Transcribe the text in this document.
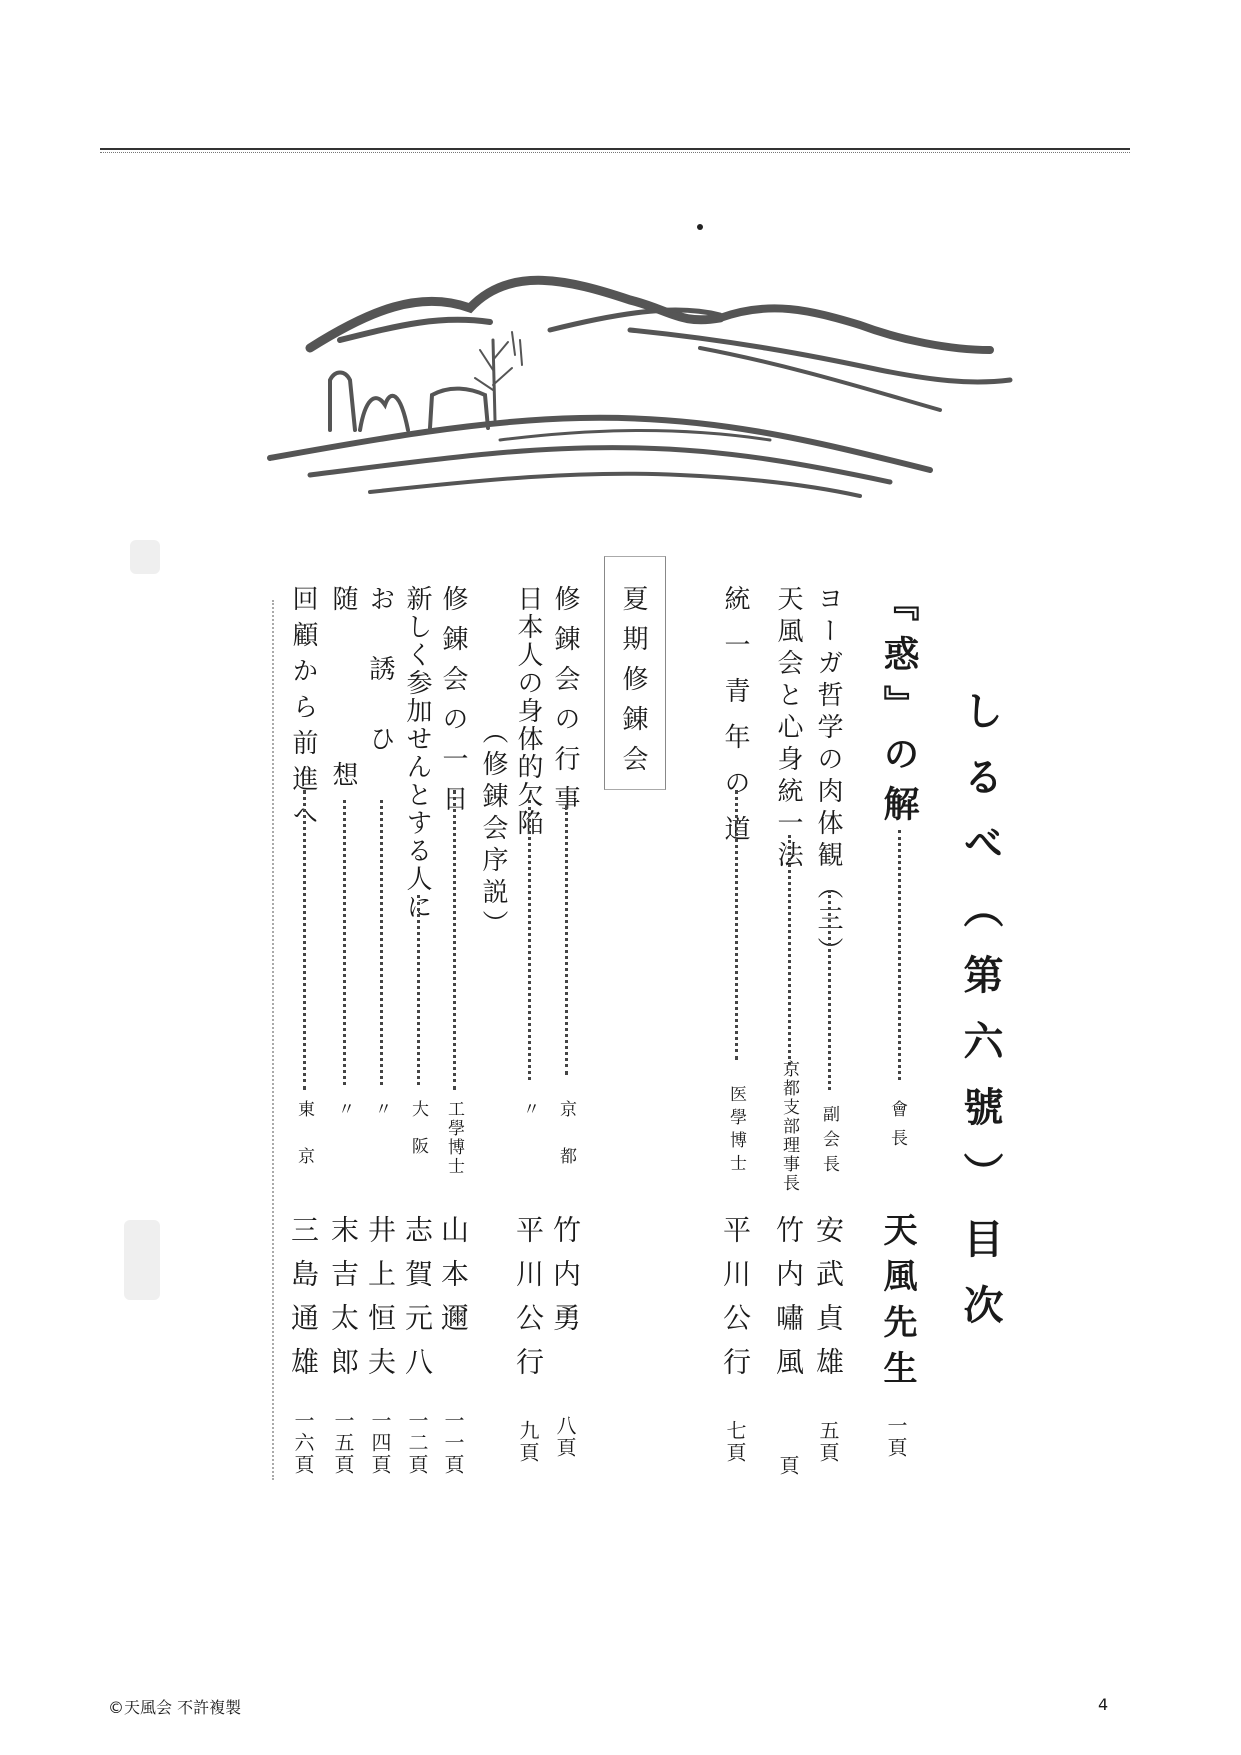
しるべ（第六號）目次
『惑』の解
會長
天風先生
一頁
ヨーガ哲学の肉体観（三）
副会長
安武貞雄
五頁
天風会と心身統一法
京都支部理事長
竹内嘯風
頁
統一青年の道
医學博士
平川公行
七頁
夏期修錬会
修錬会の行事
京都
竹内勇
八頁
日本人の身体的欠陥
（修錬会序説）
〃
平川公行
九頁
修錬会の一日
工學博士
山本邇
一一頁
新しく参加せんとする人に
大阪
志賀元八
一二頁
お誘ひ
〃
井上恒夫
一四頁
随想
〃
末吉太郎
一五頁
回顧から前進へ
東京
三島通雄
一六頁
©天風会 不許複製	4
